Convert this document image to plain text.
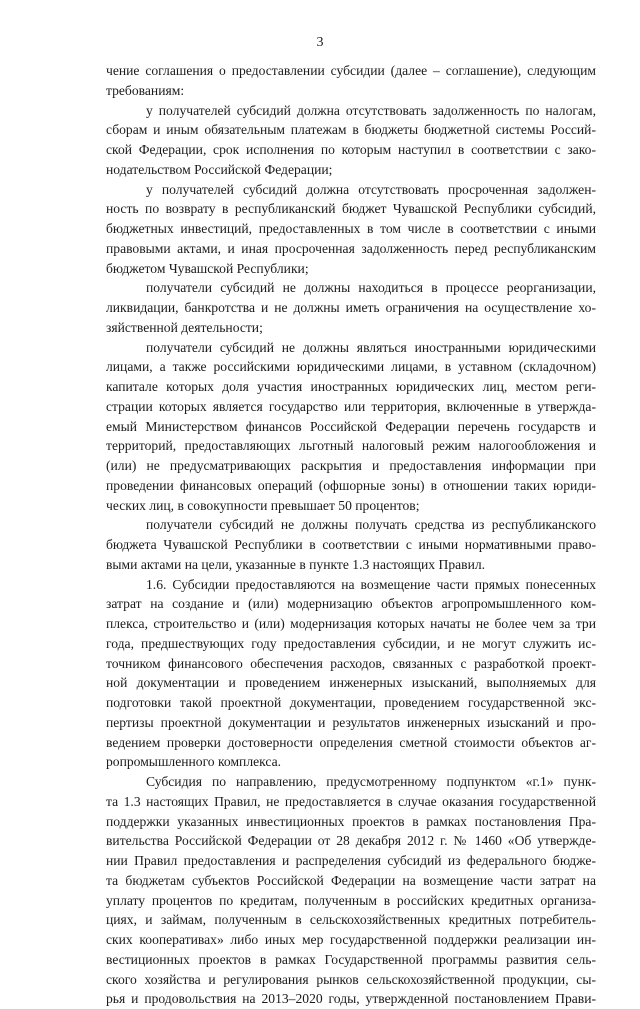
3
чение соглашения о предоставлении субсидии (далее – соглашение), следующим
требованиям:
у получателей субсидий должна отсутствовать задолженность по налогам,
сборам и иным обязательным платежам в бюджеты бюджетной системы Россий-
ской Федерации, срок исполнения по которым наступил в соответствии с зако-
нодательством Российской Федерации;
у получателей субсидий должна отсутствовать просроченная задолжен-
ность по возврату в республиканский бюджет Чувашской Республики субсидий,
бюджетных инвестиций, предоставленных в том числе в соответствии с иными
правовыми актами, и иная просроченная задолженность перед республиканским
бюджетом Чувашской Республики;
получатели субсидий не должны находиться в процессе реорганизации,
ликвидации, банкротства и не должны иметь ограничения на осуществление хо-
зяйственной деятельности;
получатели субсидий не должны являться иностранными юридическими
лицами, а также российскими юридическими лицами, в уставном (складочном)
капитале которых доля участия иностранных юридических лиц, местом реги-
страции которых является государство или территория, включенные в утвержда-
емый Министерством финансов Российской Федерации перечень государств и
территорий, предоставляющих льготный налоговый режим налогообложения и
(или) не предусматривающих раскрытия и предоставления информации при
проведении финансовых операций (офшорные зоны) в отношении таких юриди-
ческих лиц, в совокупности превышает 50 процентов;
получатели субсидий не должны получать средства из республиканского
бюджета Чувашской Республики в соответствии с иными нормативными право-
выми актами на цели, указанные в пункте 1.3 настоящих Правил.
1.6. Субсидии предоставляются на возмещение части прямых понесенных
затрат на создание и (или) модернизацию объектов агропромышленного ком-
плекса, строительство и (или) модернизация которых начаты не более чем за три
года, предшествующих году предоставления субсидии, и не могут служить ис-
точником финансового обеспечения расходов, связанных с разработкой проект-
ной документации и проведением инженерных изысканий, выполняемых для
подготовки такой проектной документации, проведением государственной экс-
пертизы проектной документации и результатов инженерных изысканий и про-
ведением проверки достоверности определения сметной стоимости объектов аг-
ропромышленного комплекса.
Субсидия по направлению, предусмотренному подпунктом «г.1» пунк-
та 1.3 настоящих Правил, не предоставляется в случае оказания государственной
поддержки указанных инвестиционных проектов в рамках постановления Пра-
вительства Российской Федерации от 28 декабря 2012 г. № 1460 «Об утвержде-
нии Правил предоставления и распределения субсидий из федерального бюдже-
та бюджетам субъектов Российской Федерации на возмещение части затрат на
уплату процентов по кредитам, полученным в российских кредитных организа-
циях, и займам, полученным в сельскохозяйственных кредитных потребитель-
ских кооперативах» либо иных мер государственной поддержки реализации ин-
вестиционных проектов в рамках Государственной программы развития сель-
ского хозяйства и регулирования рынков сельскохозяйственной продукции, сы-
рья и продовольствия на 2013–2020 годы, утвержденной постановлением Прави-
